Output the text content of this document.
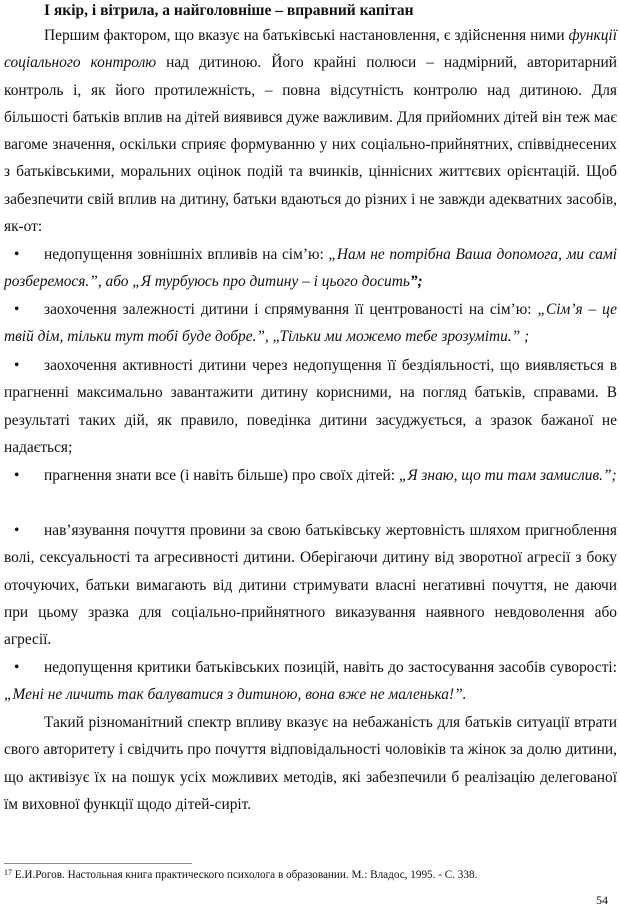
І якір, і вітрила, а найголовніше – вправний капітан

Першим фактором, що вказує на батьківські настановлення, є здійснення ними функції соціального контролю над дитиною. Його крайні полюси – надмірний, авторитарний контроль і, як його протилежність, – повна відсутність контролю над дитиною. Для більшості батьків вплив на дітей виявився дуже важливим. Для прийомних дітей він теж має вагоме значення, оскільки сприяє формуванню у них соціально-прийнятних, співвіднесених з батьківськими, моральних оцінок подій та вчинків, ціннісних життєвих орієнтацій. Щоб забезпечити свій вплив на дитину, батьки вдаються до різних і не завжди адекватних засобів, як-от:

• недопущення зовнішніх впливів на сім’ю: „Нам не потрібна Ваша допомога, ми самі розберемося.”, або „Я турбуюсь про дитину – і цього досить”;

• заохочення залежності дитини і спрямування її центрованості на сім’ю: „Сім’я – це твій дім, тільки тут тобі буде добре.”, „Тільки ми можемо тебе зрозуміти.” ;

• заохочення активності дитини через недопущення її бездіяльності, що виявляється в прагненні максимально завантажити дитину корисними, на погляд батьків, справами. В результаті таких дій, як правило, поведінка дитини засуджується, а зразок бажаної не надається;

• прагнення знати все (і навіть більше) про своїх дітей: „Я знаю, що ти там замислив.”;

• нав’язування почуття провини за свою батьківську жертовність шляхом пригноблення волі, сексуальності та агресивності дитини. Оберігаючи дитину від зворотної агресії з боку оточуючих, батьки вимагають від дитини стримувати власні негативні почуття, не даючи при цьому зразка для соціально-прийнятного виказування наявного невдоволення або агресії.

• недопущення критики батьківських позицій, навіть до застосування засобів суворості: „Мені не личить так балуватися з дитиною, вона вже не маленька!”.

Такий різноманітний спектр впливу вказує на небажаність для батьків ситуації втрати свого авторитету і свідчить про почуття відповідальності чоловіків та жінок за долю дитини, що активізує їх на пошук усіх можливих методів, які забезпечили б реалізацію делегованої їм виховної функції щодо дітей-сиріт.

$^{17}$ Е.И.Рогов. Настольная книга практического психолога в образовании. М.: Владос, 1995. - С. 338.
54
